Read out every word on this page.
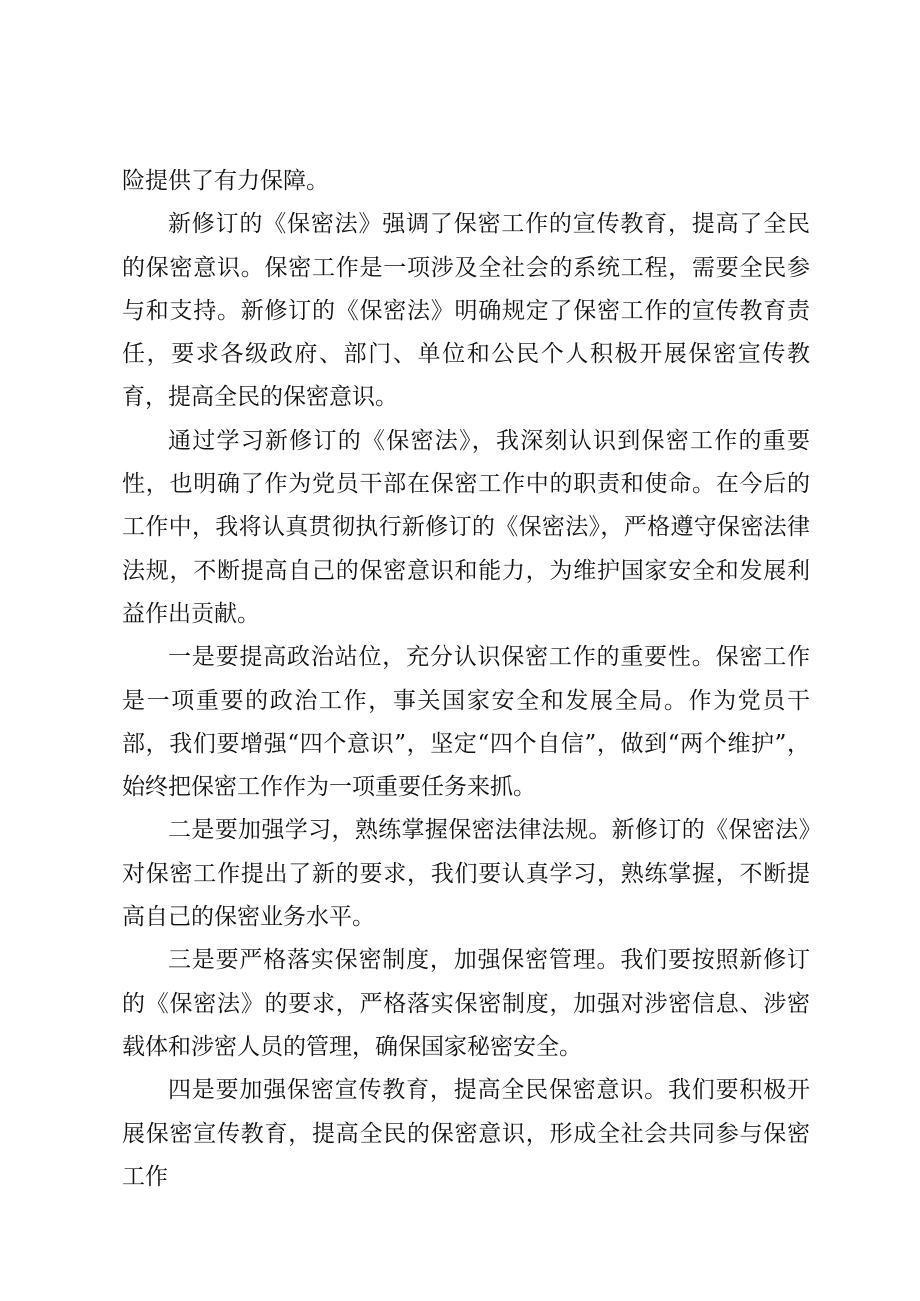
险提供了有力保障。

新修订的《保密法》强调了保密工作的宣传教育，提高了全民的保密意识。保密工作是一项涉及全社会的系统工程，需要全民参与和支持。新修订的《保密法》明确规定了保密工作的宣传教育责任，要求各级政府、部门、单位和公民个人积极开展保密宣传教育，提高全民的保密意识。

通过学习新修订的《保密法》，我深刻认识到保密工作的重要性，也明确了作为党员干部在保密工作中的职责和使命。在今后的工作中，我将认真贯彻执行新修订的《保密法》，严格遵守保密法律法规，不断提高自己的保密意识和能力，为维护国家安全和发展利益作出贡献。

一是要提高政治站位，充分认识保密工作的重要性。保密工作是一项重要的政治工作，事关国家安全和发展全局。作为党员干部，我们要增强“四个意识”，坚定“四个自信”，做到“两个维护”，始终把保密工作作为一项重要任务来抓。

二是要加强学习，熟练掌握保密法律法规。新修订的《保密法》对保密工作提出了新的要求，我们要认真学习，熟练掌握，不断提高自己的保密业务水平。

三是要严格落实保密制度，加强保密管理。我们要按照新修订的《保密法》的要求，严格落实保密制度，加强对涉密信息、涉密载体和涉密人员的管理，确保国家秘密安全。

四是要加强保密宣传教育，提高全民保密意识。我们要积极开展保密宣传教育，提高全民的保密意识，形成全社会共同参与保密工作
